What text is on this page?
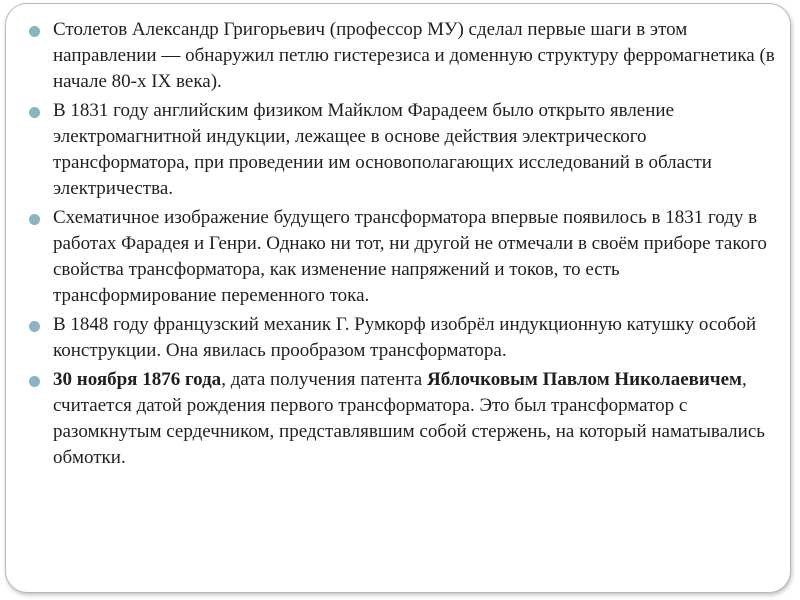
Столетов Александр Григорьевич (профессор МУ) сделал первые шаги в этом направлении — обнаружил петлю гистерезиса и доменную структуру ферромагнетика (в начале 80-х IX века).
В 1831 году английским физиком Майклом Фарадеем было открыто явление электромагнитной индукции, лежащее в основе действия электрического трансформатора, при проведении им основополагающих исследований в области электричества.
Схематичное изображение будущего трансформатора впервые появилось в 1831 году в работах Фарадея и Генри. Однако ни тот, ни другой не отмечали в своём приборе такого свойства трансформатора, как изменение напряжений и токов, то есть трансформирование переменного тока.
В 1848 году французский механик Г. Румкорф изобрёл индукционную катушку особой конструкции. Она явилась прообразом трансформатора.
30 ноября 1876 года, дата получения патента Яблочковым Павлом Николаевичем, считается датой рождения первого трансформатора. Это был трансформатор с разомкнутым сердечником, представлявшим собой стержень, на который наматывались обмотки.
